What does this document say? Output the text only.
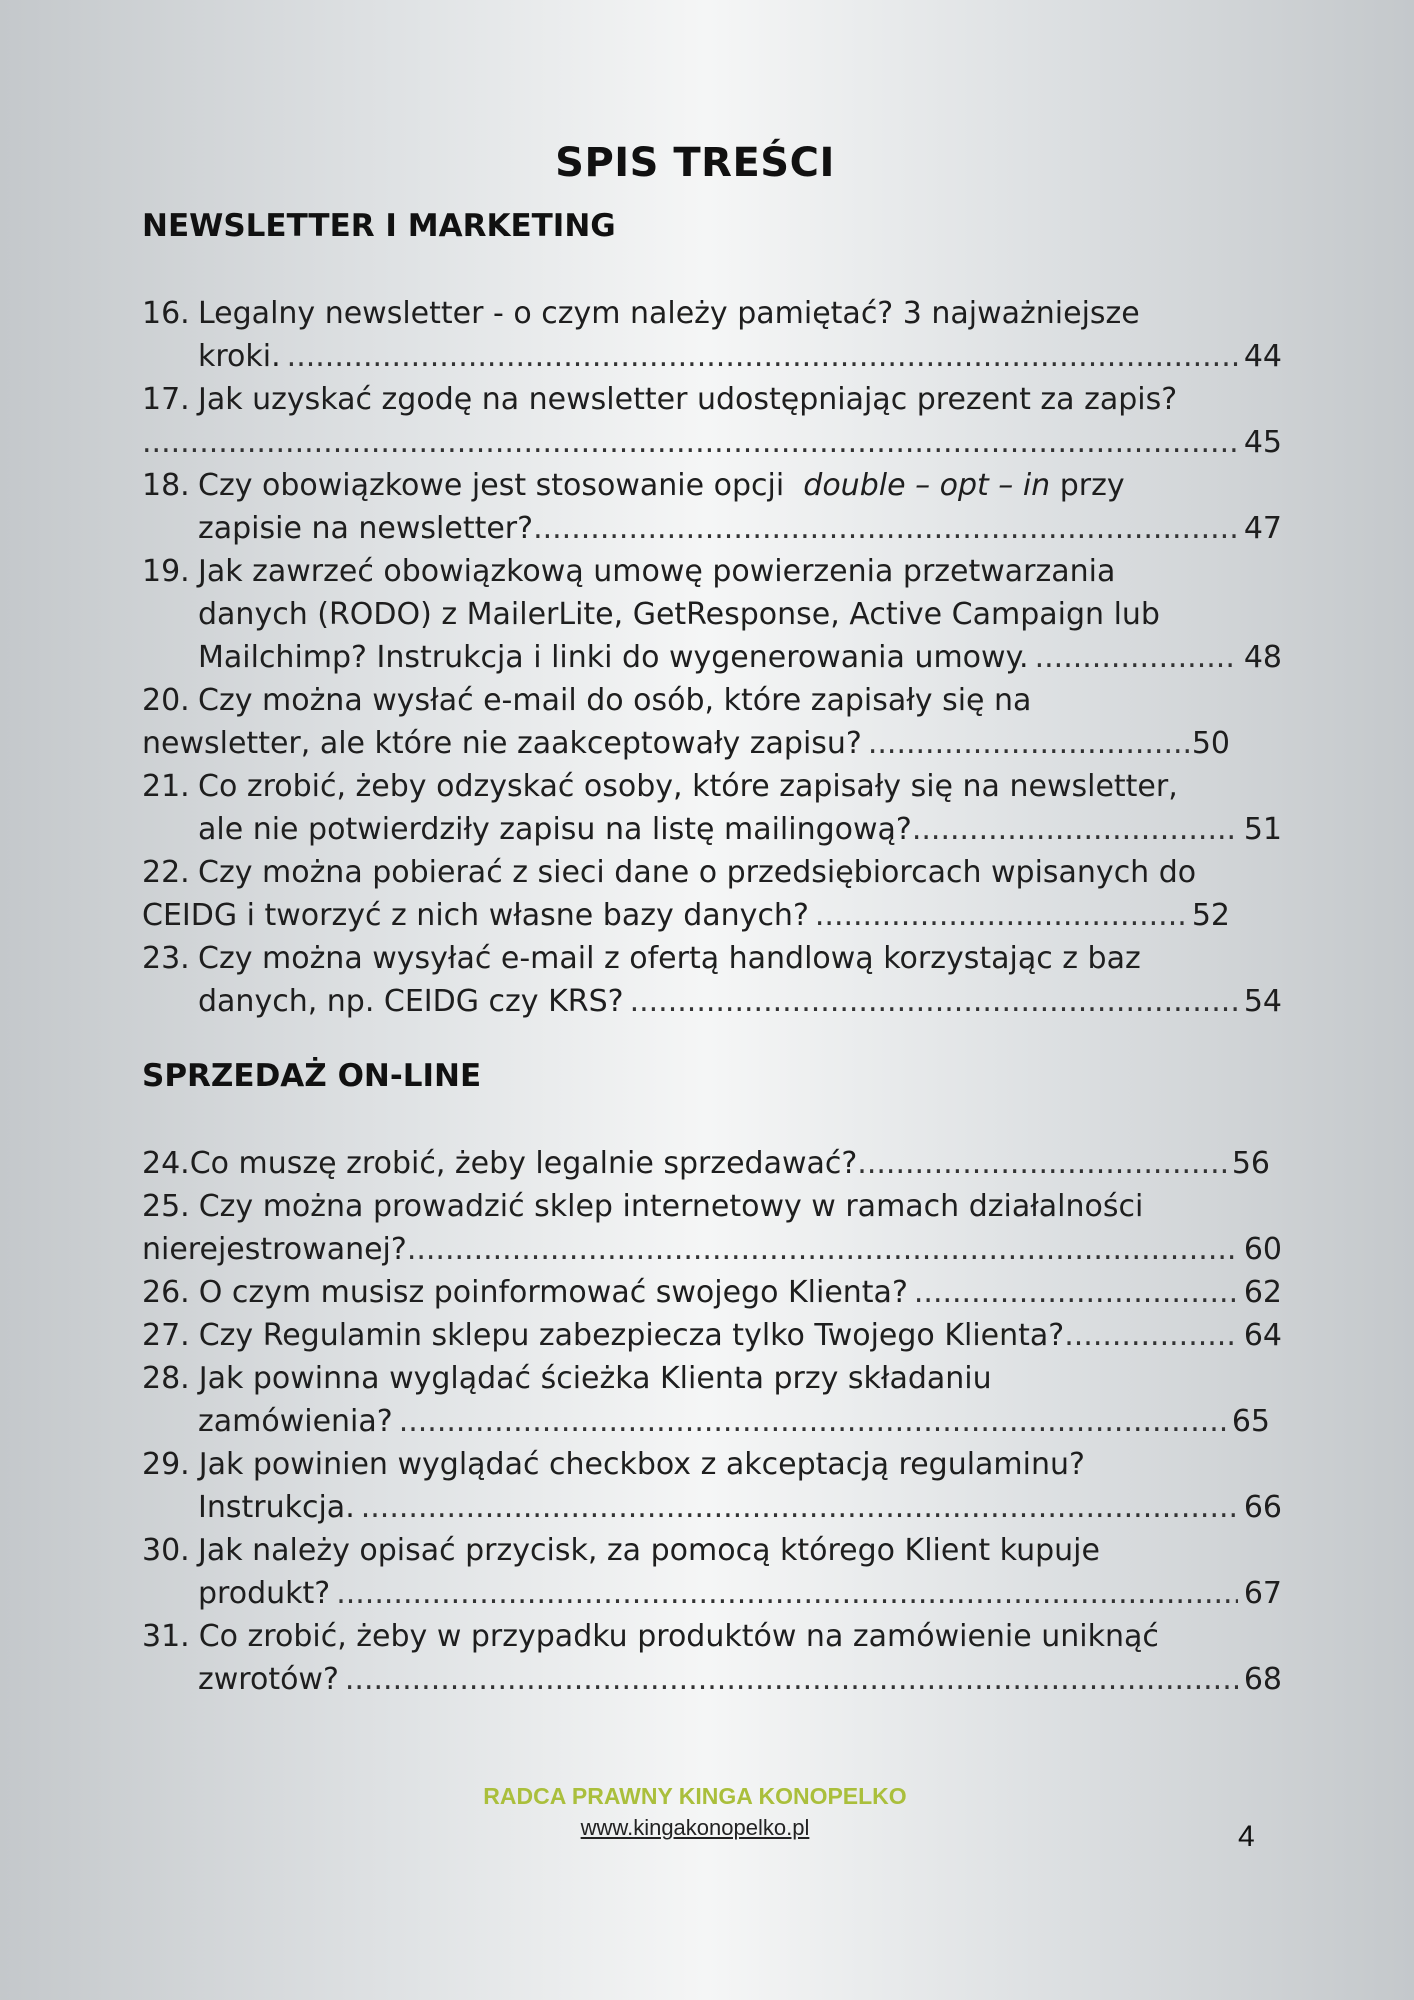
SPIS TREŚCI
NEWSLETTER I MARKETING

16. Legalny newsletter - o czym należy pamiętać? 3 najważniejsze

kroki. .....	44

17. Jak uzyskać zgodę na newsletter udostępniając prezent za zapis?

.....
45

18. Czy obowiązkowe jest stosowanie opcji double – opt – in przy

zapisie na newsletter? .....	47

19. Jak zawrzeć obowiązkową umowę powierzenia przetwarzania

danych (RODO) z MailerLite, GetResponse, Active Campaign lub

Mailchimp? Instrukcja i linki do wygenerowania umowy. .....	48

20. Czy można wysłać e-mail do osób, które zapisały się na

newsletter, ale które nie zaakceptowały zapisu? .....	50

21. Co zrobić, żeby odzyskać osoby, które zapisały się na newsletter,

ale nie potwierdziły zapisu na listę mailingową? .....	51

22. Czy można pobierać z sieci dane o przedsiębiorcach wpisanych do

CEIDG i tworzyć z nich własne bazy danych? .....	52

23. Czy można wysyłać e-mail z ofertą handlową korzystając z baz

danych, np. CEIDG czy KRS? .....	54

SPRZEDAŻ ON-LINE

24. Co muszę zrobić, żeby legalnie sprzedawać? .....	56

25. Czy można prowadzić sklep internetowy w ramach działalności

nierejestrowanej? .....	60

26. O czym musisz poinformować swojego Klienta? .....	62

27. Czy Regulamin sklepu zabezpiecza tylko Twojego Klienta? .....	64

28. Jak powinna wyglądać ścieżka Klienta przy składaniu

zamówienia? .....	65

29. Jak powinien wyglądać checkbox z akceptacją regulaminu?

Instrukcja. .....	66

30. Jak należy opisać przycisk, za pomocą którego Klient kupuje

produkt? .....	67

31. Co zrobić, żeby w przypadku produktów na zamówienie uniknąć

zwrotów? .....	68

RADCA PRAWNY KINGA KONOPELKO
www.kingakonopelko.pl	4
